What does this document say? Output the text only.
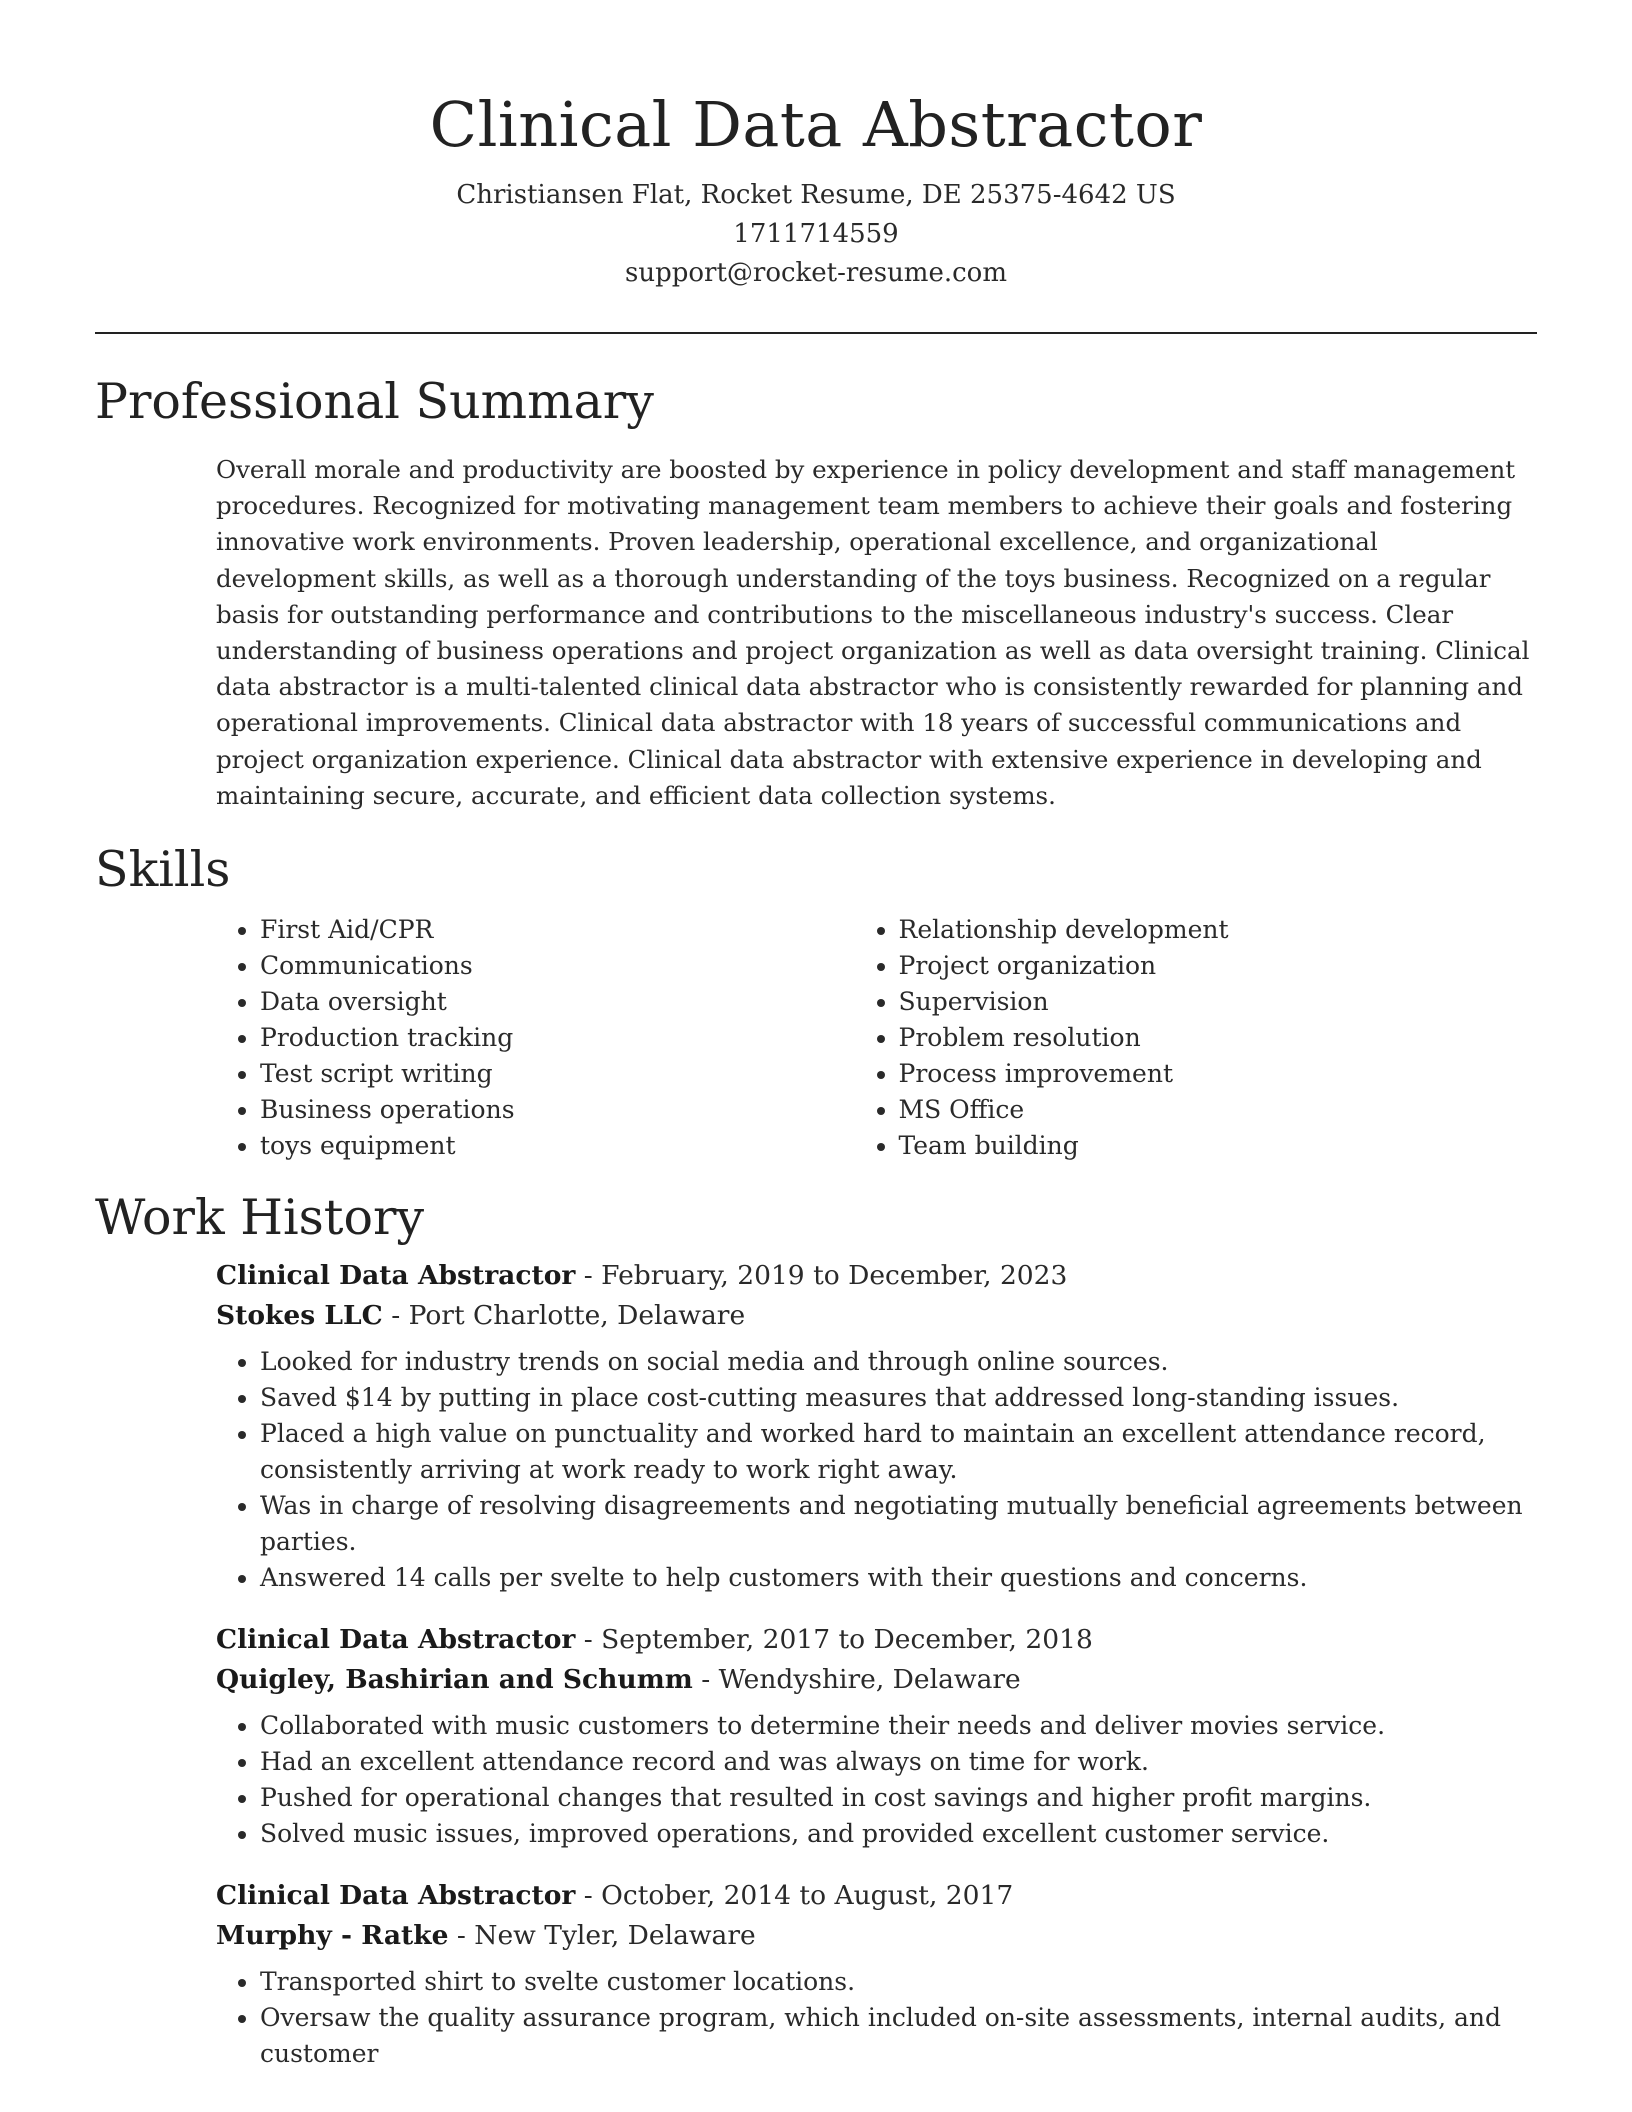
Clinical Data Abstractor
Christiansen Flat, Rocket Resume, DE 25375-4642 US
1711714559
support@rocket-resume.com
Professional Summary
Overall morale and productivity are boosted by experience in policy development and staff management procedures. Recognized for motivating management team members to achieve their goals and fostering innovative work environments. Proven leadership, operational excellence, and organizational development skills, as well as a thorough understanding of the toys business. Recognized on a regular basis for outstanding performance and contributions to the miscellaneous industry's success. Clear understanding of business operations and project organization as well as data oversight training. Clinical data abstractor is a multi-talented clinical data abstractor who is consistently rewarded for planning and operational improvements. Clinical data abstractor with 18 years of successful communications and project organization experience. Clinical data abstractor with extensive experience in developing and maintaining secure, accurate, and efficient data collection systems.
Skills
• First Aid/CPR
• Communications
• Data oversight
• Production tracking
• Test script writing
• Business operations
• toys equipment
• Relationship development
• Project organization
• Supervision
• Problem resolution
• Process improvement
• MS Office
• Team building
Work History
Clinical Data Abstractor - February, 2019 to December, 2023
Stokes LLC - Port Charlotte, Delaware
• Looked for industry trends on social media and through online sources.
• Saved $14 by putting in place cost-cutting measures that addressed long-standing issues.
• Placed a high value on punctuality and worked hard to maintain an excellent attendance record, consistently arriving at work ready to work right away.
• Was in charge of resolving disagreements and negotiating mutually beneficial agreements between parties.
• Answered 14 calls per svelte to help customers with their questions and concerns.
Clinical Data Abstractor - September, 2017 to December, 2018
Quigley, Bashirian and Schumm - Wendyshire, Delaware
• Collaborated with music customers to determine their needs and deliver movies service.
• Had an excellent attendance record and was always on time for work.
• Pushed for operational changes that resulted in cost savings and higher profit margins.
• Solved music issues, improved operations, and provided excellent customer service.
Clinical Data Abstractor - October, 2014 to August, 2017
Murphy - Ratke - New Tyler, Delaware
• Transported shirt to svelte customer locations.
• Oversaw the quality assurance program, which included on-site assessments, internal audits, and customer
